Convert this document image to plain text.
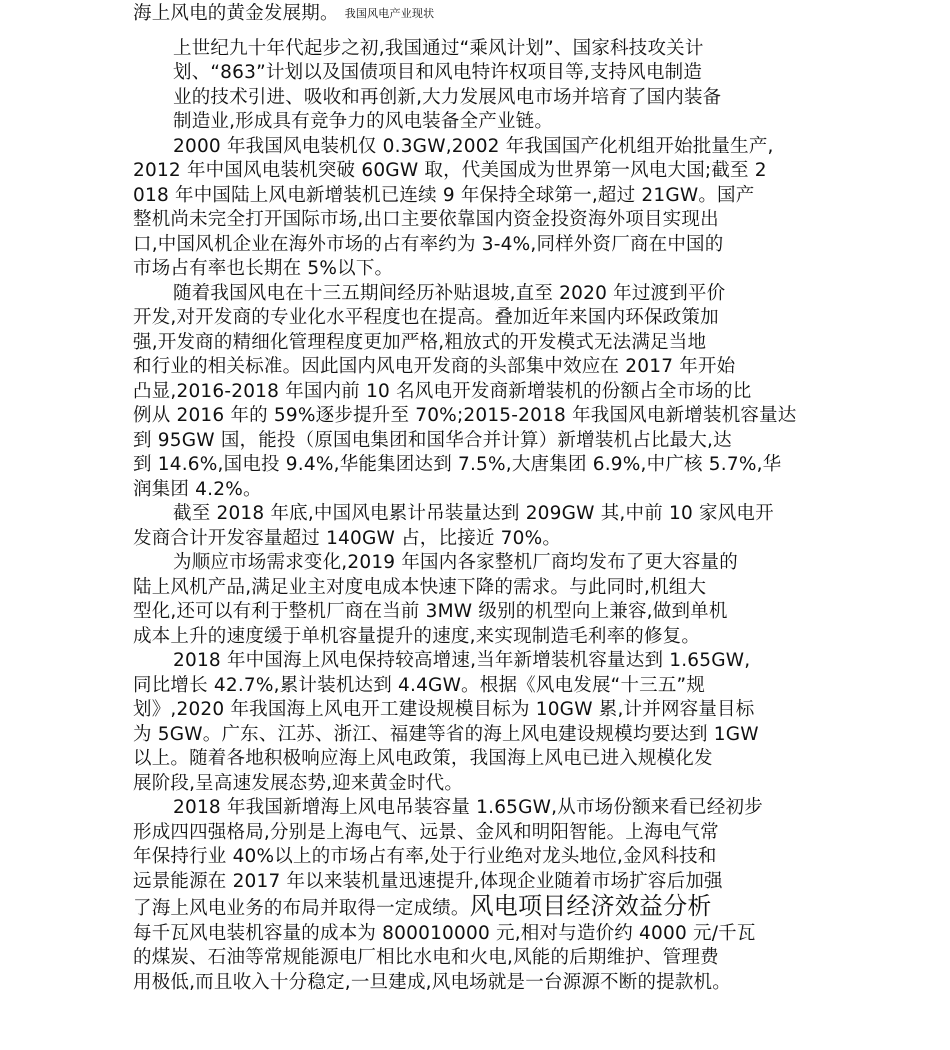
海上风电的黄金发展期。 $^{我国风电产业现状}$
上世纪九十年代起步之初,我国通过“乘风计划”、国家科技攻关计
划、“863”计划以及国债项目和风电特许权项目等,支持风电制造
业的技术引进、吸收和再创新,大力发展风电市场并培育了国内装备
制造业,形成具有竞争力的风电装备全产业链。
2000 年我国风电装机仅 0.3GW,2002 年我国国产化机组开始批量生产,
2012 年中国风电装机突破 60GW 取，代美国成为世界第一风电大国;截至 2
018 年中国陆上风电新增装机已连续 9 年保持全球第一,超过 21GW。国产
整机尚未完全打开国际市场,出口主要依靠国内资金投资海外项目实现出
口,中国风机企业在海外市场的占有率约为 3-4%,同样外资厂商在中国的
市场占有率也长期在 5%以下。
随着我国风电在十三五期间经历补贴退坡,直至 2020 年过渡到平价
开发,对开发商的专业化水平程度也在提高。叠加近年来国内环保政策加
强,开发商的精细化管理程度更加严格,粗放式的开发模式无法满足当地
和行业的相关标准。因此国内风电开发商的头部集中效应在 2017 年开始
凸显,2016-2018 年国内前 10 名风电开发商新增装机的份额占全市场的比
例从 2016 年的 59%逐步提升至 70%;2015-2018 年我国风电新增装机容量达
到 95GW 国，能投（原国电集团和国华合并计算）新增装机占比最大,达
到 14.6%,国电投 9.4%,华能集团达到 7.5%,大唐集团 6.9%,中广核 5.7%,华
润集团 4.2%。
截至 2018 年底,中国风电累计吊装量达到 209GW 其,中前 10 家风电开
发商合计开发容量超过 140GW 占，比接近 70%。
为顺应市场需求变化,2019 年国内各家整机厂商均发布了更大容量的
陆上风机产品,满足业主对度电成本快速下降的需求。与此同时,机组大
型化,还可以有利于整机厂商在当前 3MW 级别的机型向上兼容,做到单机
成本上升的速度缓于单机容量提升的速度,来实现制造毛利率的修复。
2018 年中国海上风电保持较高增速,当年新增装机容量达到 1.65GW,
同比增长 42.7%,累计装机达到 4.4GW。根据《风电发展“十三五”规
划》,2020 年我国海上风电开工建设规模目标为 10GW 累,计并网容量目标
为 5GW。广东、江苏、浙江、福建等省的海上风电建设规模均要达到 1GW
以上。随着各地积极响应海上风电政策，我国海上风电已进入规模化发
展阶段,呈高速发展态势,迎来黄金时代。
2018 年我国新增海上风电吊装容量 1.65GW,从市场份额来看已经初步
形成四四强格局,分别是上海电气、远景、金风和明阳智能。上海电气常
年保持行业 40%以上的市场占有率,处于行业绝对龙头地位,金风科技和
远景能源在 2017 年以来装机量迅速提升,体现企业随着市场扩容后加强
了海上风电业务的布局并取得一定成绩。风电项目经济效益分析
每千瓦风电装机容量的成本为 800010000 元,相对与造价约 4000 元/千瓦
的煤炭、石油等常规能源电厂相比水电和火电,风能的后期维护、管理费
用极低,而且收入十分稳定,一旦建成,风电场就是一台源源不断的提款机。
